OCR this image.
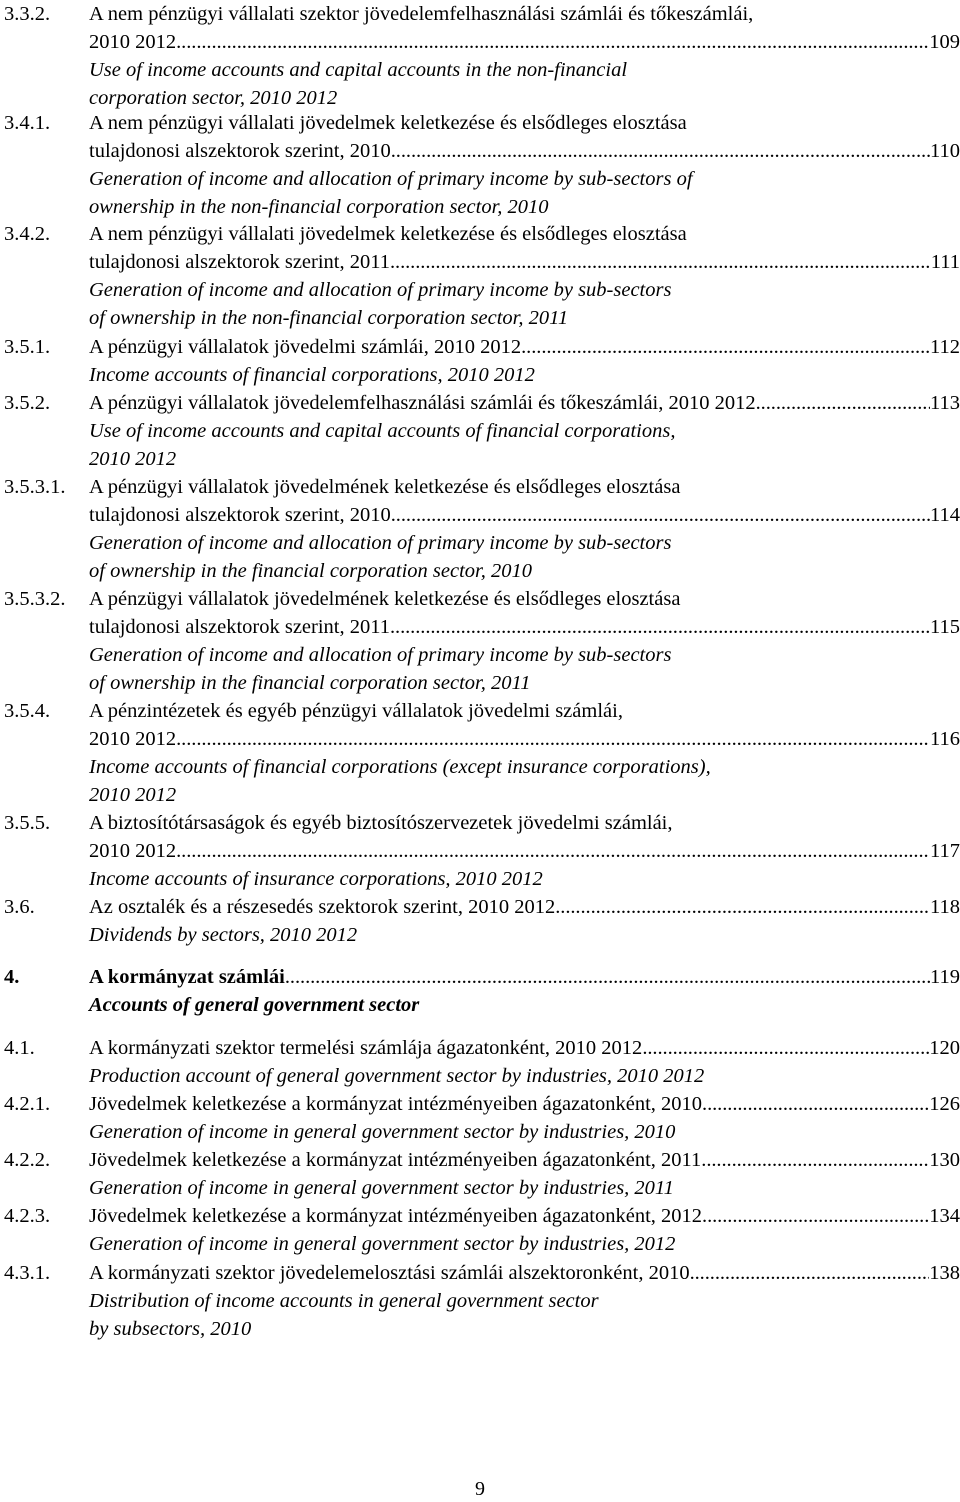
3.3.2. A nem pénzügyi vállalati szektor jövedelemfelhasználási számlái és tőkeszámlái,
2010 2012 . . .	109
Use of income accounts and capital accounts in the non-financial
corporation sector, 2010 2012
3.4.1. A nem pénzügyi vállalati jövedelmek keletkezése és elsődleges elosztása
tulajdonosi alszektorok szerint, 2010 . . .	110
Generation of income and allocation of primary income by sub-sectors of
ownership in the non-financial corporation sector, 2010
3.4.2. A nem pénzügyi vállalati jövedelmek keletkezése és elsődleges elosztása
tulajdonosi alszektorok szerint, 2011 . . .	111
Generation of income and allocation of primary income by sub-sectors
of ownership in the non-financial corporation sector, 2011
3.5.1. A pénzügyi vállalatok jövedelmi számlái, 2010 2012 . . .	112
Income accounts of financial corporations, 2010 2012
3.5.2. A pénzügyi vállalatok jövedelemfelhasználási számlái és tőkeszámlái, 2010 2012 . . .	113
Use of income accounts and capital accounts of financial corporations,
2010 2012
3.5.3.1. A pénzügyi vállalatok jövedelmének keletkezése és elsődleges elosztása
tulajdonosi alszektorok szerint, 2010 . . .	114
Generation of income and allocation of primary income by sub-sectors
of ownership in the financial corporation sector, 2010
3.5.3.2. A pénzügyi vállalatok jövedelmének keletkezése és elsődleges elosztása
tulajdonosi alszektorok szerint, 2011 . . .	115
Generation of income and allocation of primary income by sub-sectors
of ownership in the financial corporation sector, 2011
3.5.4. A pénzintézetek és egyéb pénzügyi vállalatok jövedelmi számlái,
2010 2012 . . .	116
Income accounts of financial corporations (except insurance corporations),
2010 2012
3.5.5. A biztosítótársaságok és egyéb biztosítószervezetek jövedelmi számlái,
2010 2012 . . .	117
Income accounts of insurance corporations, 2010 2012
3.6.	Az osztalék és a részesedés szektorok szerint, 2010 2012 . . .	118
Dividends by sectors, 2010 2012
4.	A kormányzat számlái . . .	119
Accounts of general government sector
4.1.	A kormányzati szektor termelési számlája ágazatonként, 2010 2012 . . .	120
Production account of general government sector by industries, 2010 2012
4.2.1. Jövedelmek keletkezése a kormányzat intézményeiben ágazatonként, 2010 . . .	126
Generation of income in general government sector by industries, 2010
4.2.2. Jövedelmek keletkezése a kormányzat intézményeiben ágazatonként, 2011 . . .	130
Generation of income in general government sector by industries, 2011
4.2.3. Jövedelmek keletkezése a kormányzat intézményeiben ágazatonként, 2012 . . .	134
Generation of income in general government sector by industries, 2012
4.3.1. A kormányzati szektor jövedelemelosztási számlái alszektoronként, 2010 . . .	138
Distribution of income accounts in general government sector
by subsectors, 2010
9
